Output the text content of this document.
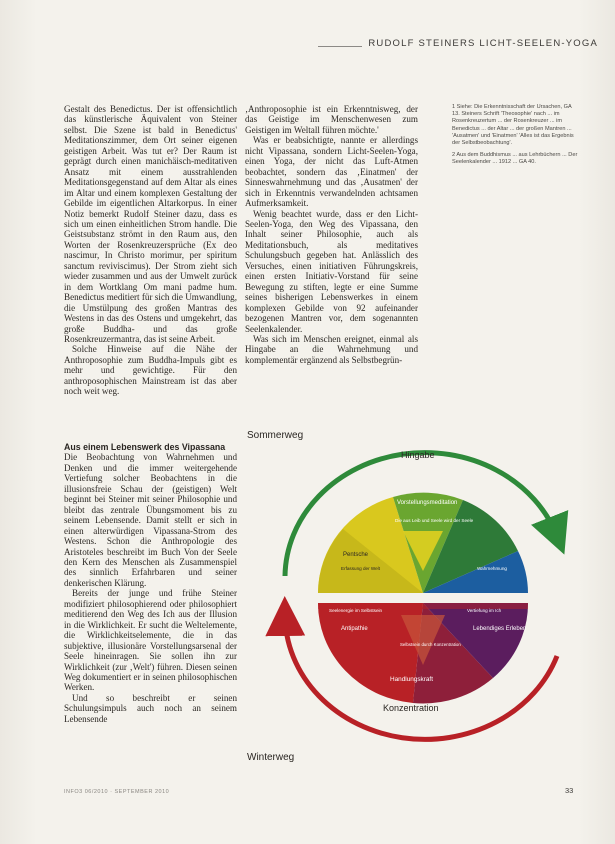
RUDOLF STEINERS LICHT-SEELEN-YOGA

Gestalt des Benedictus. Der ist offensichtlich das künstlerische Äquivalent von Steiner selbst. Die Szene ist bald in Benedictus' Meditationszimmer, dem Ort seiner eigenen geistigen Arbeit. Was tut er? Der Raum ist geprägt durch einen manichäisch-meditativen Ansatz mit einem ausstrahlenden Meditationsgegenstand auf dem Altar als eines im Altar und einem komplexen Gestaltung der Gebilde im eigentlichen Altarkorpus. In einer Notiz bemerkt Rudolf Steiner dazu, dass es sich um einen einheitlichen Strom handle. Die Geistsubstanz strömt in den Raum aus, den Worten der Rosenkreuzersprüche (Ex deo nascimur, In Christo morimur, per spiritum sanctum reviviscimus). Der Strom zieht sich wieder zusammen und aus der Umwelt zurück in dem Wortklang Om mani padme hum. Benedictus meditiert für sich die Umwandlung, die Umstülpung des großen Mantras des Westens in das des Ostens und umgekehrt, das große Buddha- und das große Rosenkreuzermantra, das ist seine Arbeit.

Solche Hinweise auf die Nähe der Anthroposophie zum Buddha-Impuls gibt es mehr und gewichtige. Für den anthroposophischen Mainstream ist das aber noch weit weg.

Aus einem Lebenswerk des Vipassana

Die Beobachtung von Wahrnehmen und Denken und die immer weitergehende Vertiefung solcher Beobachtens in die illusionsfreie Schau der (geistigen) Welt beginnt bei Steiner mit seiner Philosophie und bleibt das zentrale Übungsmoment bis zu seinem Lebensende. Damit stellt er sich in einen alterwürdigen Vipassana-Strom des Westens. Schon die Anthropologie des Aristoteles beschreibt im Buch Von der Seele den Kern des Menschen als Zusammenspiel des sinnlich Erfahrbaren und seiner denkerischen Klärung.

Bereits der junge und frühe Steiner modifiziert philosophierend oder philosophiert meditierend den Weg des Ich aus der Illusion in die Wirklichkeit. Er sucht die Weltelemente, die Wirklichkeitselemente, die in das subjektive, illusionäre Vorstellungsarsenal der Seele hineinragen. Sie sollen ihn zur Wirklichkeit (zur ‚Welt') führen. Diesen seinen Weg dokumentiert er in seinen philosophischen Werken.

Und so beschreibt er seinen Schulungsimpuls auch noch an seinem Lebensende

‚Anthroposophie ist ein Erkenntnisweg, der das Geistige im Menschenwesen zum Geistigen im Weltall führen möchte.'

Was er beabsichtigte, nannte er allerdings nicht Vipassana, sondern Licht-Seelen-Yoga, einen Yoga, der nicht das Luft-Atmen beobachtet, sondern das ‚Einatmen' der Sinneswahrnehmung und das ‚Ausatmen' der sich in Erkenntnis verwandelnden achtsamen Aufmerksamkeit.

Wenig beachtet wurde, dass er den Licht-Seelen-Yoga, den Weg des Vipassana, den Inhalt seiner Philosophie, auch als Meditationsbuch, als meditatives Schulungsbuch gegeben hat. Anlässlich des Versuches, einen initiativen Führungskreis, einen ersten Initiativ-Vorstand für seine Bewegung zu stiften, legte er eine Summe seines bisherigen Lebenswerkes in einem komplexen Gebilde von 92 aufeinander bezogenen Mantren vor, dem sogenannten Seelenkalender.

Was sich im Menschen ereignet, einmal als Hingabe an die Wahrnehmung und komplementär ergänzend als Selbstbegrün-

1 Siehe: Die Erkenntnisschaft der Ursachen, GA 13. Steiners Schrift 'Theosophie' nach ... im Rosenkreuzertum ... der Rosenkreuzer ... im Benedictus ... der Altar ... der großen Mantren ... 'Ausatmen' und 'Einatmen' 'Alles ist das Ergebnis der Selbstbeobachtung'.

2 Aus dem Buddhismus ... aus Lehrbüchern ... Der Seelenkalender ... 1912 ... GA 40.

Sommerweg
Hingabe
Winterweg
Konzentration
Vorstellungsmeditation
Die aus Leib und Seele wird der Seele
Pentsche
Erfassung der Welt	Wahrnehmung
Seelenergie im Selbstsein
Antipathie
Selbstsein durch Konzentration
Vertiefung im Ich
Lebendiges Erleben
Handlungskraft
INFO3 06/2010 · SEPTEMBER 2010	33
